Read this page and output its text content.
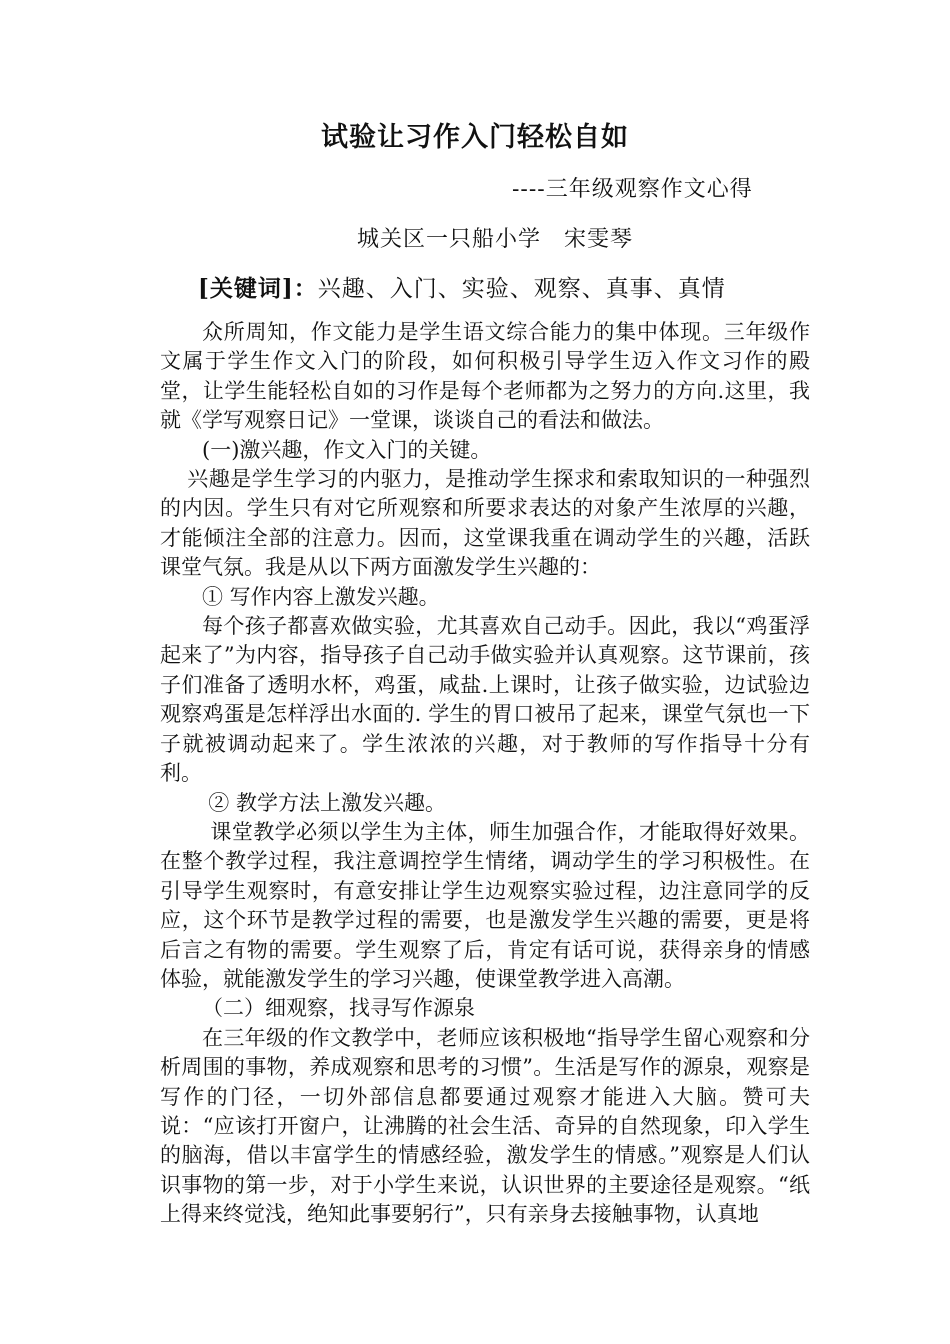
试验让习作入门轻松自如
----三年级观察作文心得
城关区一只船小学　宋雯琴
[关键词]：兴趣、入门、实验、观察、真事、真情

众所周知，作文能力是学生语文综合能力的集中体现。三年级作文属于学生作文入门的阶段，如何积极引导学生迈入作文习作的殿堂，让学生能轻松自如的习作是每个老师都为之努力的方向.这里，我就《学写观察日记》一堂课，谈谈自己的看法和做法。

(一)激兴趣，作文入门的关键。

兴趣是学生学习的内驱力，是推动学生探求和索取知识的一种强烈的内因。学生只有对它所观察和所要求表达的对象产生浓厚的兴趣，才能倾注全部的注意力。因而，这堂课我重在调动学生的兴趣，活跃课堂气氛。我是从以下两方面激发学生兴趣的：

① 写作内容上激发兴趣。

每个孩子都喜欢做实验，尤其喜欢自己动手。因此，我以“鸡蛋浮起来了”为内容，指导孩子自己动手做实验并认真观察。这节课前，孩子们准备了透明水杯，鸡蛋，咸盐.上课时，让孩子做实验，边试验边观察鸡蛋是怎样浮出水面的. 学生的胃口被吊了起来，课堂气氛也一下子就被调动起来了。学生浓浓的兴趣，对于教师的写作指导十分有利。

② 教学方法上激发兴趣。

课堂教学必须以学生为主体，师生加强合作，才能取得好效果。在整个教学过程，我注意调控学生情绪，调动学生的学习积极性。在引导学生观察时，有意安排让学生边观察实验过程，边注意同学的反应，这个环节是教学过程的需要，也是激发学生兴趣的需要，更是将后言之有物的需要。学生观察了后，肯定有话可说，获得亲身的情感体验，就能激发学生的学习兴趣，使课堂教学进入高潮。

（二）细观察，找寻写作源泉

在三年级的作文教学中，老师应该积极地“指导学生留心观察和分析周围的事物，养成观察和思考的习惯”。生活是写作的源泉，观察是写作的门径，一切外部信息都要通过观察才能进入大脑。赞可夫说：“应该打开窗户，让沸腾的社会生活、奇异的自然现象，印入学生的脑海，借以丰富学生的情感经验，激发学生的情感。”观察是人们认识事物的第一步，对于小学生来说，认识世界的主要途径是观察。“纸上得来终觉浅，绝知此事要躬行”，只有亲身去接触事物，认真地
